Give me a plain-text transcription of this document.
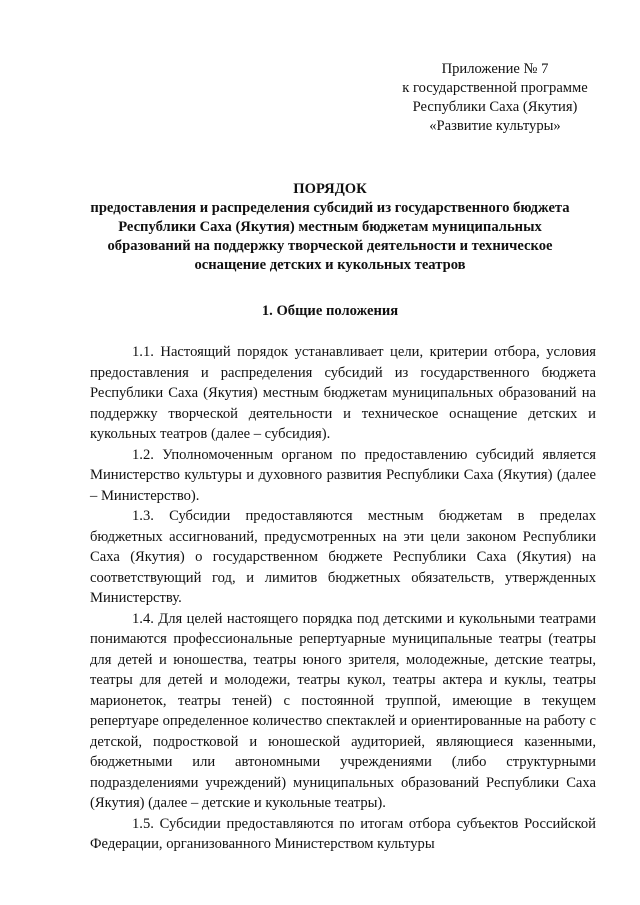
Приложение № 7
к государственной программе
Республики Саха (Якутия)
«Развитие культуры»
ПОРЯДОК
предоставления и распределения субсидий из государственного бюджета Республики Саха (Якутия) местным бюджетам муниципальных образований на поддержку творческой деятельности и техническое оснащение детских и кукольных театров
1. Общие положения

1.1. Настоящий порядок устанавливает цели, критерии отбора, условия предоставления и распределения субсидий из государственного бюджета Республики Саха (Якутия) местным бюджетам муниципальных образований на поддержку творческой деятельности и техническое оснащение детских и кукольных театров (далее – субсидия).

1.2. Уполномоченным органом по предоставлению субсидий является Министерство культуры и духовного развития Республики Саха (Якутия) (далее – Министерство).

1.3. Субсидии предоставляются местным бюджетам в пределах бюджетных ассигнований, предусмотренных на эти цели законом Республики Саха (Якутия) о государственном бюджете Республики Саха (Якутия) на соответствующий год, и лимитов бюджетных обязательств, утвержденных Министерству.

1.4. Для целей настоящего порядка под детскими и кукольными театрами понимаются профессиональные репертуарные муниципальные театры (театры для детей и юношества, театры юного зрителя, молодежные, детские театры, театры для детей и молодежи, театры кукол, театры актера и куклы, театры марионеток, театры теней) с постоянной труппой, имеющие в текущем репертуаре определенное количество спектаклей и ориентированные на работу с детской, подростковой и юношеской аудиторией, являющиеся казенными, бюджетными или автономными учреждениями (либо структурными подразделениями учреждений) муниципальных образований Республики Саха (Якутия) (далее – детские и кукольные театры).

1.5. Субсидии предоставляются по итогам отбора субъектов Российской Федерации, организованного Министерством культуры
